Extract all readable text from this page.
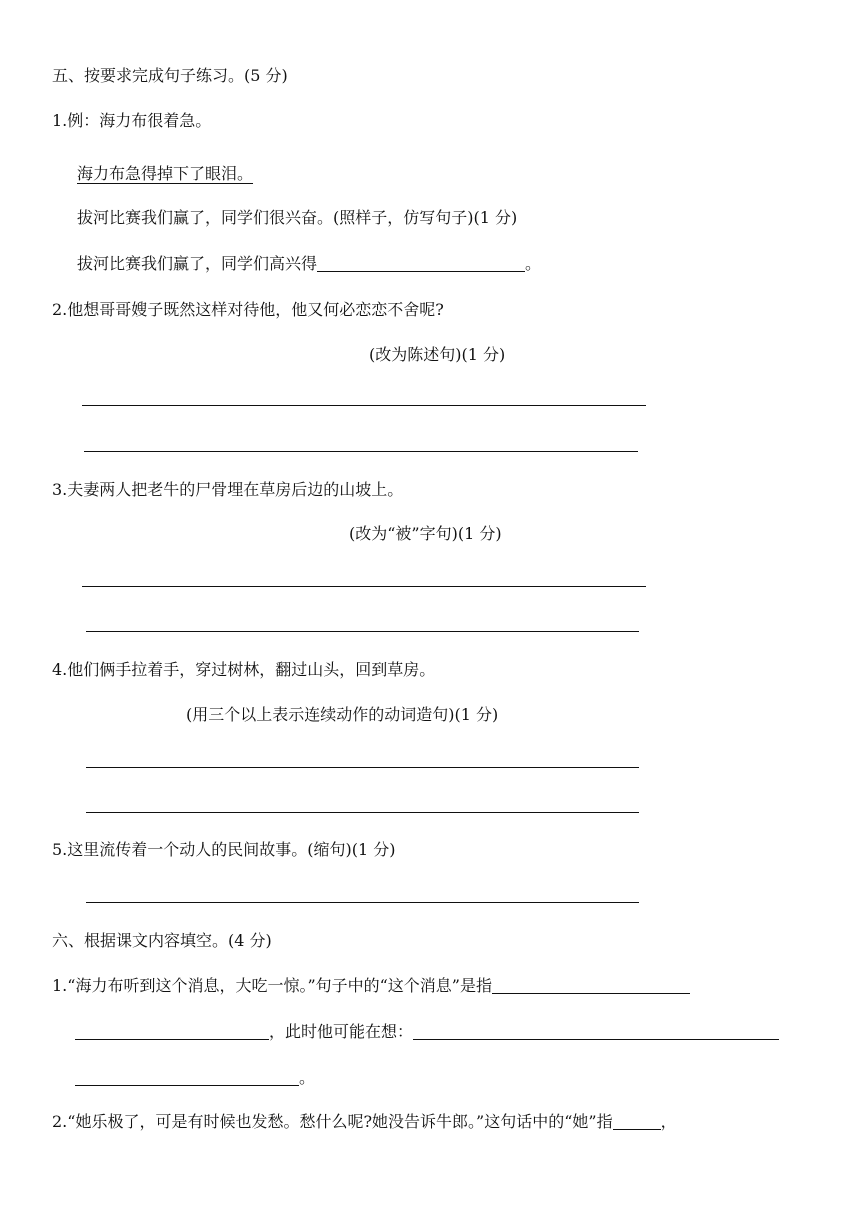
五、按要求完成句子练习。(5 分)
1.例：海力布很着急。
海力布急得掉下了眼泪。
拔河比赛我们赢了，同学们很兴奋。(照样子，仿写句子)(1 分)
拔河比赛我们赢了，同学们高兴得	。
2.他想哥哥嫂子既然这样对待他，他又何必恋恋不舍呢?
(改为陈述句)(1 分)
3.夫妻两人把老牛的尸骨埋在草房后边的山坡上。
(改为“被”字句)(1 分)
4.他们俩手拉着手，穿过树林，翻过山头，回到草房。
(用三个以上表示连续动作的动词造句)(1 分)
5.这里流传着一个动人的民间故事。(缩句)(1 分)
六、根据课文内容填空。(4 分)
1.“海力布听到这个消息，大吃一惊。”句子中的“这个消息”是指
，此时他可能在想：
。
2.“她乐极了，可是有时候也发愁。愁什么呢?她没告诉牛郎。”这句话中的“她”指	，
